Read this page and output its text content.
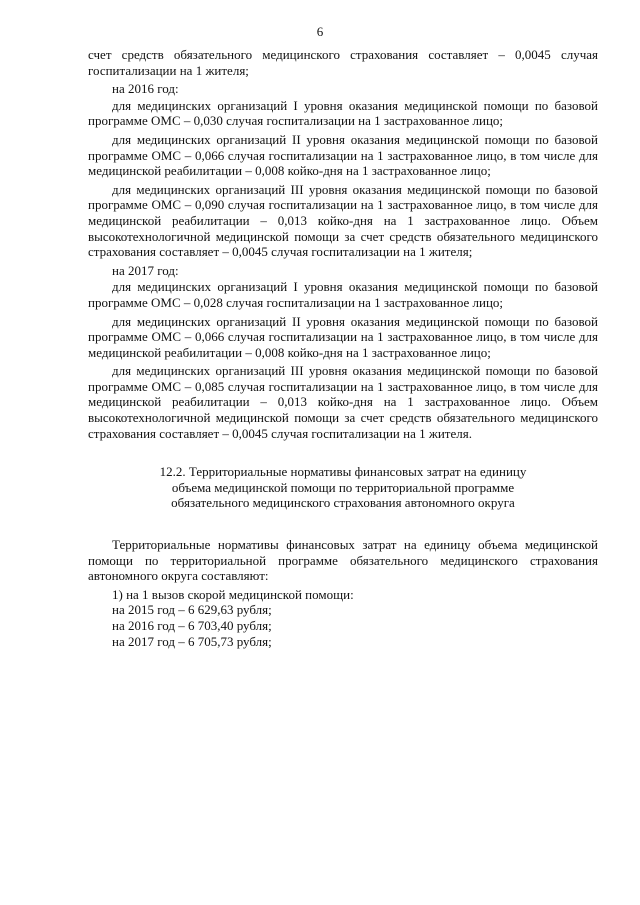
6
счет средств обязательного медицинского страхования составляет – 0,0045 случая госпитализации на 1 жителя;
на 2016 год:
для медицинских организаций I уровня оказания медицинской помощи по базовой программе ОМС – 0,030 случая госпитализации на 1 застрахованное лицо;
для медицинских организаций II уровня оказания медицинской помощи по базовой программе ОМС – 0,066 случая госпитализации на 1 застрахованное лицо, в том числе для медицинской реабилитации – 0,008 койко-дня на 1 застрахованное лицо;
для медицинских организаций III уровня оказания медицинской помощи по базовой программе ОМС – 0,090 случая госпитализации на 1 застрахованное лицо, в том числе для медицинской реабилитации – 0,013 койко-дня на 1 застрахованное лицо. Объем высокотехнологичной медицинской помощи за счет средств обязательного медицинского страхования составляет – 0,0045 случая госпитализации на 1 жителя;
на 2017 год:
для медицинских организаций I уровня оказания медицинской помощи по базовой программе ОМС – 0,028 случая госпитализации на 1 застрахованное лицо;
для медицинских организаций II уровня оказания медицинской помощи по базовой программе ОМС – 0,066 случая госпитализации на 1 застрахованное лицо, в том числе для медицинской реабилитации – 0,008 койко-дня на 1 застрахованное лицо;
для медицинских организаций III уровня оказания медицинской помощи по базовой программе ОМС – 0,085 случая госпитализации на 1 застрахованное лицо, в том числе для медицинской реабилитации – 0,013 койко-дня на 1 застрахованное лицо. Объем высокотехнологичной медицинской помощи за счет средств обязательного медицинского страхования составляет – 0,0045 случая госпитализации на 1 жителя.
12.2. Территориальные нормативы финансовых затрат на единицу
объема медицинской помощи по территориальной программе
обязательного медицинского страхования автономного округа
Территориальные нормативы финансовых затрат на единицу объема медицинской помощи по территориальной программе обязательного медицинского страхования автономного округа составляют:
1) на 1 вызов скорой медицинской помощи:
на 2015 год – 6 629,63 рубля;
на 2016 год – 6 703,40 рубля;
на 2017 год – 6 705,73 рубля;
